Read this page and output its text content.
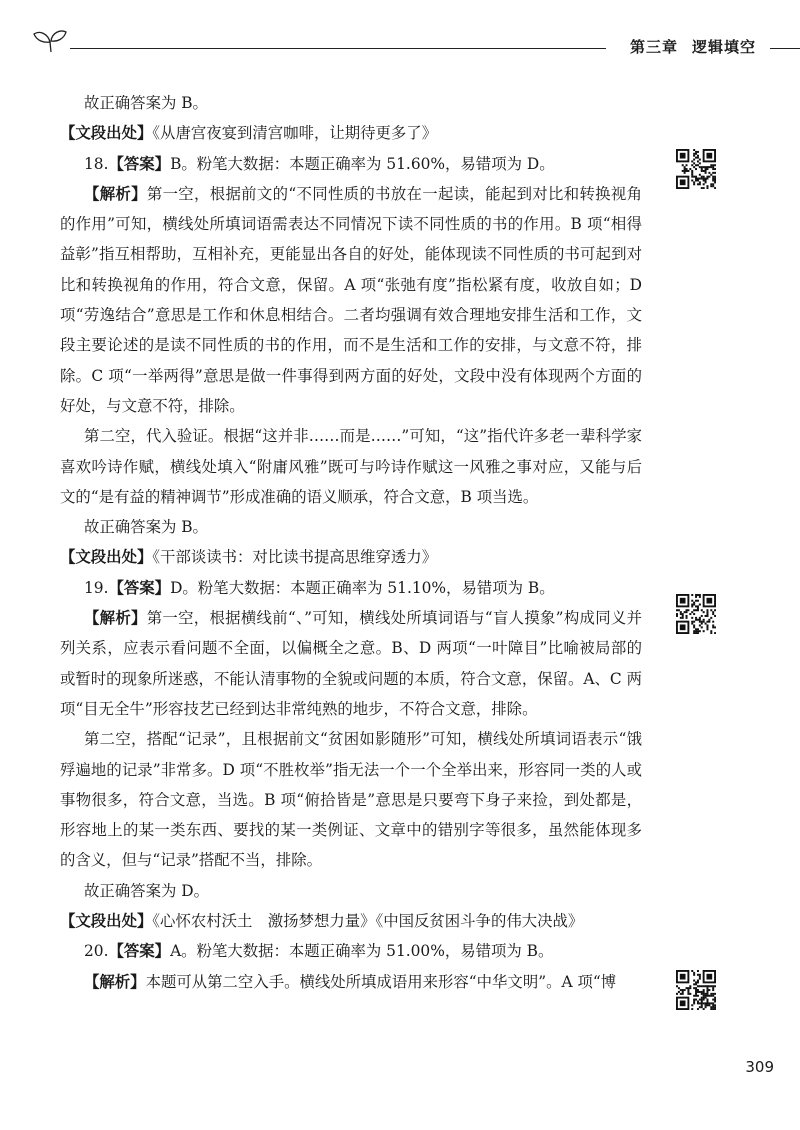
第三章 逻辑填空

故正确答案为 B。

【文段出处】《从唐宫夜宴到清宫咖啡，让期待更多了》

18.【答案】B。粉笔大数据：本题正确率为 51.60%，易错项为 D。

【解析】第一空，根据前文的“不同性质的书放在一起读，能起到对比和转换视角的作用”可知，横线处所填词语需表达不同情况下读不同性质的书的作用。B 项“相得益彰”指互相帮助，互相补充，更能显出各自的好处，能体现读不同性质的书可起到对比和转换视角的作用，符合文意，保留。A 项“张弛有度”指松紧有度，收放自如；D 项“劳逸结合”意思是工作和休息相结合。二者均强调有效合理地安排生活和工作，文段主要论述的是读不同性质的书的作用，而不是生活和工作的安排，与文意不符，排除。C 项“一举两得”意思是做一件事得到两方面的好处，文段中没有体现两个方面的好处，与文意不符，排除。

第二空，代入验证。根据“这并非……而是……”可知，“这”指代许多老一辈科学家喜欢吟诗作赋，横线处填入“附庸风雅”既可与吟诗作赋这一风雅之事对应，又能与后文的“是有益的精神调节”形成准确的语义顺承，符合文意，B 项当选。

故正确答案为 B。

【文段出处】《干部谈读书：对比读书提高思维穿透力》

19.【答案】D。粉笔大数据：本题正确率为 51.10%，易错项为 B。

【解析】第一空，根据横线前“、”可知，横线处所填词语与“盲人摸象”构成同义并列关系，应表示看问题不全面，以偏概全之意。B、D 两项“一叶障目”比喻被局部的或暂时的现象所迷惑，不能认清事物的全貌或问题的本质，符合文意，保留。A、C 两项“目无全牛”形容技艺已经到达非常纯熟的地步，不符合文意，排除。

第二空，搭配“记录”，且根据前文“贫困如影随形”可知，横线处所填词语表示“饿殍遍地的记录”非常多。D 项“不胜枚举”指无法一个一个全举出来，形容同一类的人或事物很多，符合文意，当选。B 项“俯拾皆是”意思是只要弯下身子来捡，到处都是，形容地上的某一类东西、要找的某一类例证、文章中的错别字等很多，虽然能体现多的含义，但与“记录”搭配不当，排除。

故正确答案为 D。

【文段出处】《心怀农村沃土　激扬梦想力量》《中国反贫困斗争的伟大决战》

20.【答案】A。粉笔大数据：本题正确率为 51.00%，易错项为 B。

【解析】本题可从第二空入手。横线处所填成语用来形容“中华文明”。A 项“博

309
